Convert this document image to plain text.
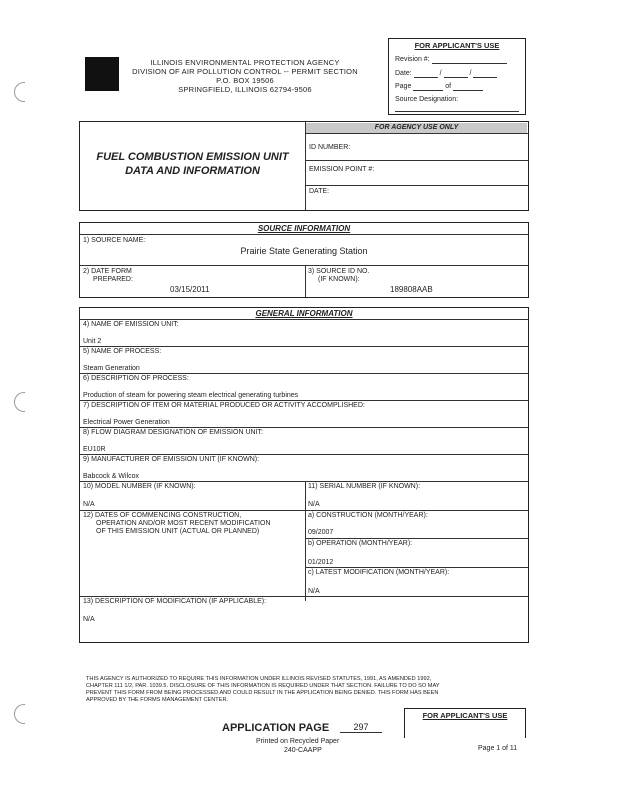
ILLINOIS ENVIRONMENTAL PROTECTION AGENCY
DIVISION OF AIR POLLUTION CONTROL -- PERMIT SECTION
P.O. BOX 19506
SPRINGFIELD, ILLINOIS 62794-9506
FOR APPLICANT'S USE
Revision #:
Date:	/	/
Page	of
Source Designation:
FUEL COMBUSTION EMISSION UNIT
DATA AND INFORMATION
FOR AGENCY USE ONLY
ID NUMBER:
EMISSION POINT #:
DATE:
SOURCE INFORMATION
1) SOURCE NAME:
Prairie State Generating Station
2) DATE FORM
PREPARED:
03/15/2011
3) SOURCE ID NO.
(IF KNOWN):
189808AAB
GENERAL INFORMATION
4) NAME OF EMISSION UNIT:
Unit 2
5) NAME OF PROCESS:
Steam Generation
6) DESCRIPTION OF PROCESS:
Production of steam for powering steam electrical generating turbines
7) DESCRIPTION OF ITEM OR MATERIAL PRODUCED OR ACTIVITY ACCOMPLISHED:
Electrical Power Generation
8) FLOW DIAGRAM DESIGNATION OF EMISSION UNIT:
EU10R
9) MANUFACTURER OF EMISSION UNIT (IF KNOWN):
Babcock & Wilcox
10) MODEL NUMBER (IF KNOWN):
N/A
11) SERIAL NUMBER (IF KNOWN):
N/A
12) DATES OF COMMENCING CONSTRUCTION,
OPERATION AND/OR MOST RECENT MODIFICATION
OF THIS EMISSION UNIT (ACTUAL OR PLANNED)
a) CONSTRUCTION (MONTH/YEAR):
09/2007
b) OPERATION (MONTH/YEAR):
01/2012
c) LATEST MODIFICATION (MONTH/YEAR):
N/A
13) DESCRIPTION OF MODIFICATION (IF APPLICABLE):
N/A
THIS AGENCY IS AUTHORIZED TO REQUIRE THIS INFORMATION UNDER ILLINOIS REVISED STATUTES, 1991, AS AMENDED 1992,
CHAPTER 111 1/2, PAR. 1039.5. DISCLOSURE OF THIS INFORMATION IS REQUIRED UNDER THAT SECTION. FAILURE TO DO SO MAY
PREVENT THIS FORM FROM BEING PROCESSED AND COULD RESULT IN THE APPLICATION BEING DENIED. THIS FORM HAS BEEN
APPROVED BY THE FORMS MANAGEMENT CENTER.
FOR APPLICANT'S USE
APPLICATION PAGE	297
Printed on Recycled Paper
240-CAAPP	Page 1 of 11
